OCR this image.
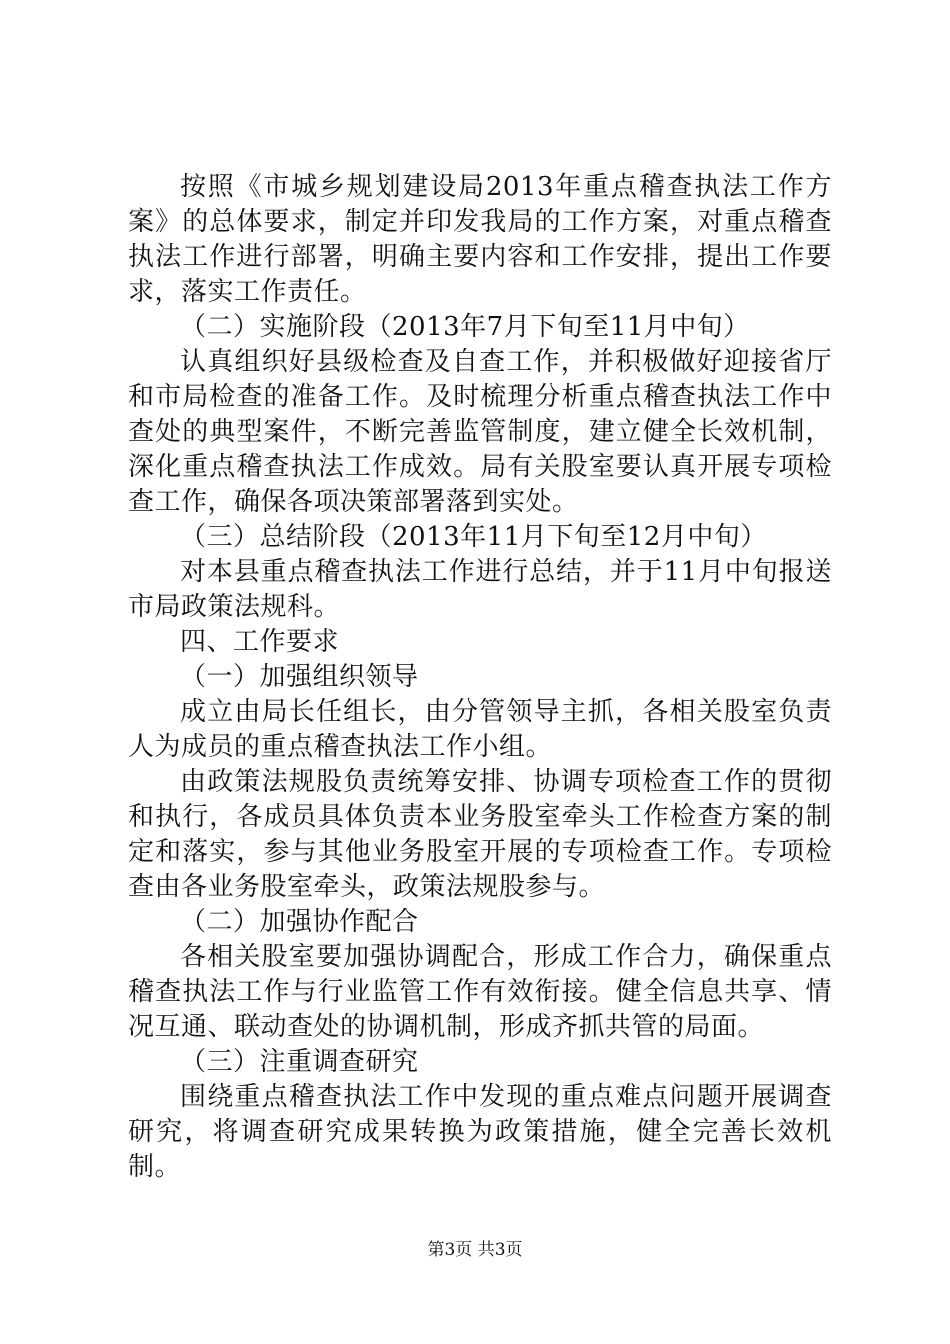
按照《市城乡规划建设局2013年重点稽查执法工作方案》的总体要求，制定并印发我局的工作方案，对重点稽查执法工作进行部署，明确主要内容和工作安排，提出工作要求，落实工作责任。

（二）实施阶段（2013年7月下旬至11月中旬）

认真组织好县级检查及自查工作，并积极做好迎接省厅和市局检查的准备工作。及时梳理分析重点稽查执法工作中查处的典型案件，不断完善监管制度，建立健全长效机制，深化重点稽查执法工作成效。局有关股室要认真开展专项检查工作，确保各项决策部署落到实处。

（三）总结阶段（2013年11月下旬至12月中旬）

对本县重点稽查执法工作进行总结，并于11月中旬报送市局政策法规科。

四、工作要求

（一）加强组织领导

成立由局长任组长，由分管领导主抓，各相关股室负责人为成员的重点稽查执法工作小组。

由政策法规股负责统筹安排、协调专项检查工作的贯彻和执行，各成员具体负责本业务股室牵头工作检查方案的制定和落实，参与其他业务股室开展的专项检查工作。专项检查由各业务股室牵头，政策法规股参与。

（二）加强协作配合

各相关股室要加强协调配合，形成工作合力，确保重点稽查执法工作与行业监管工作有效衔接。健全信息共享、情况互通、联动查处的协调机制，形成齐抓共管的局面。

（三）注重调查研究

围绕重点稽查执法工作中发现的重点难点问题开展调查研究，将调查研究成果转换为政策措施，健全完善长效机制。

第3页 共3页
